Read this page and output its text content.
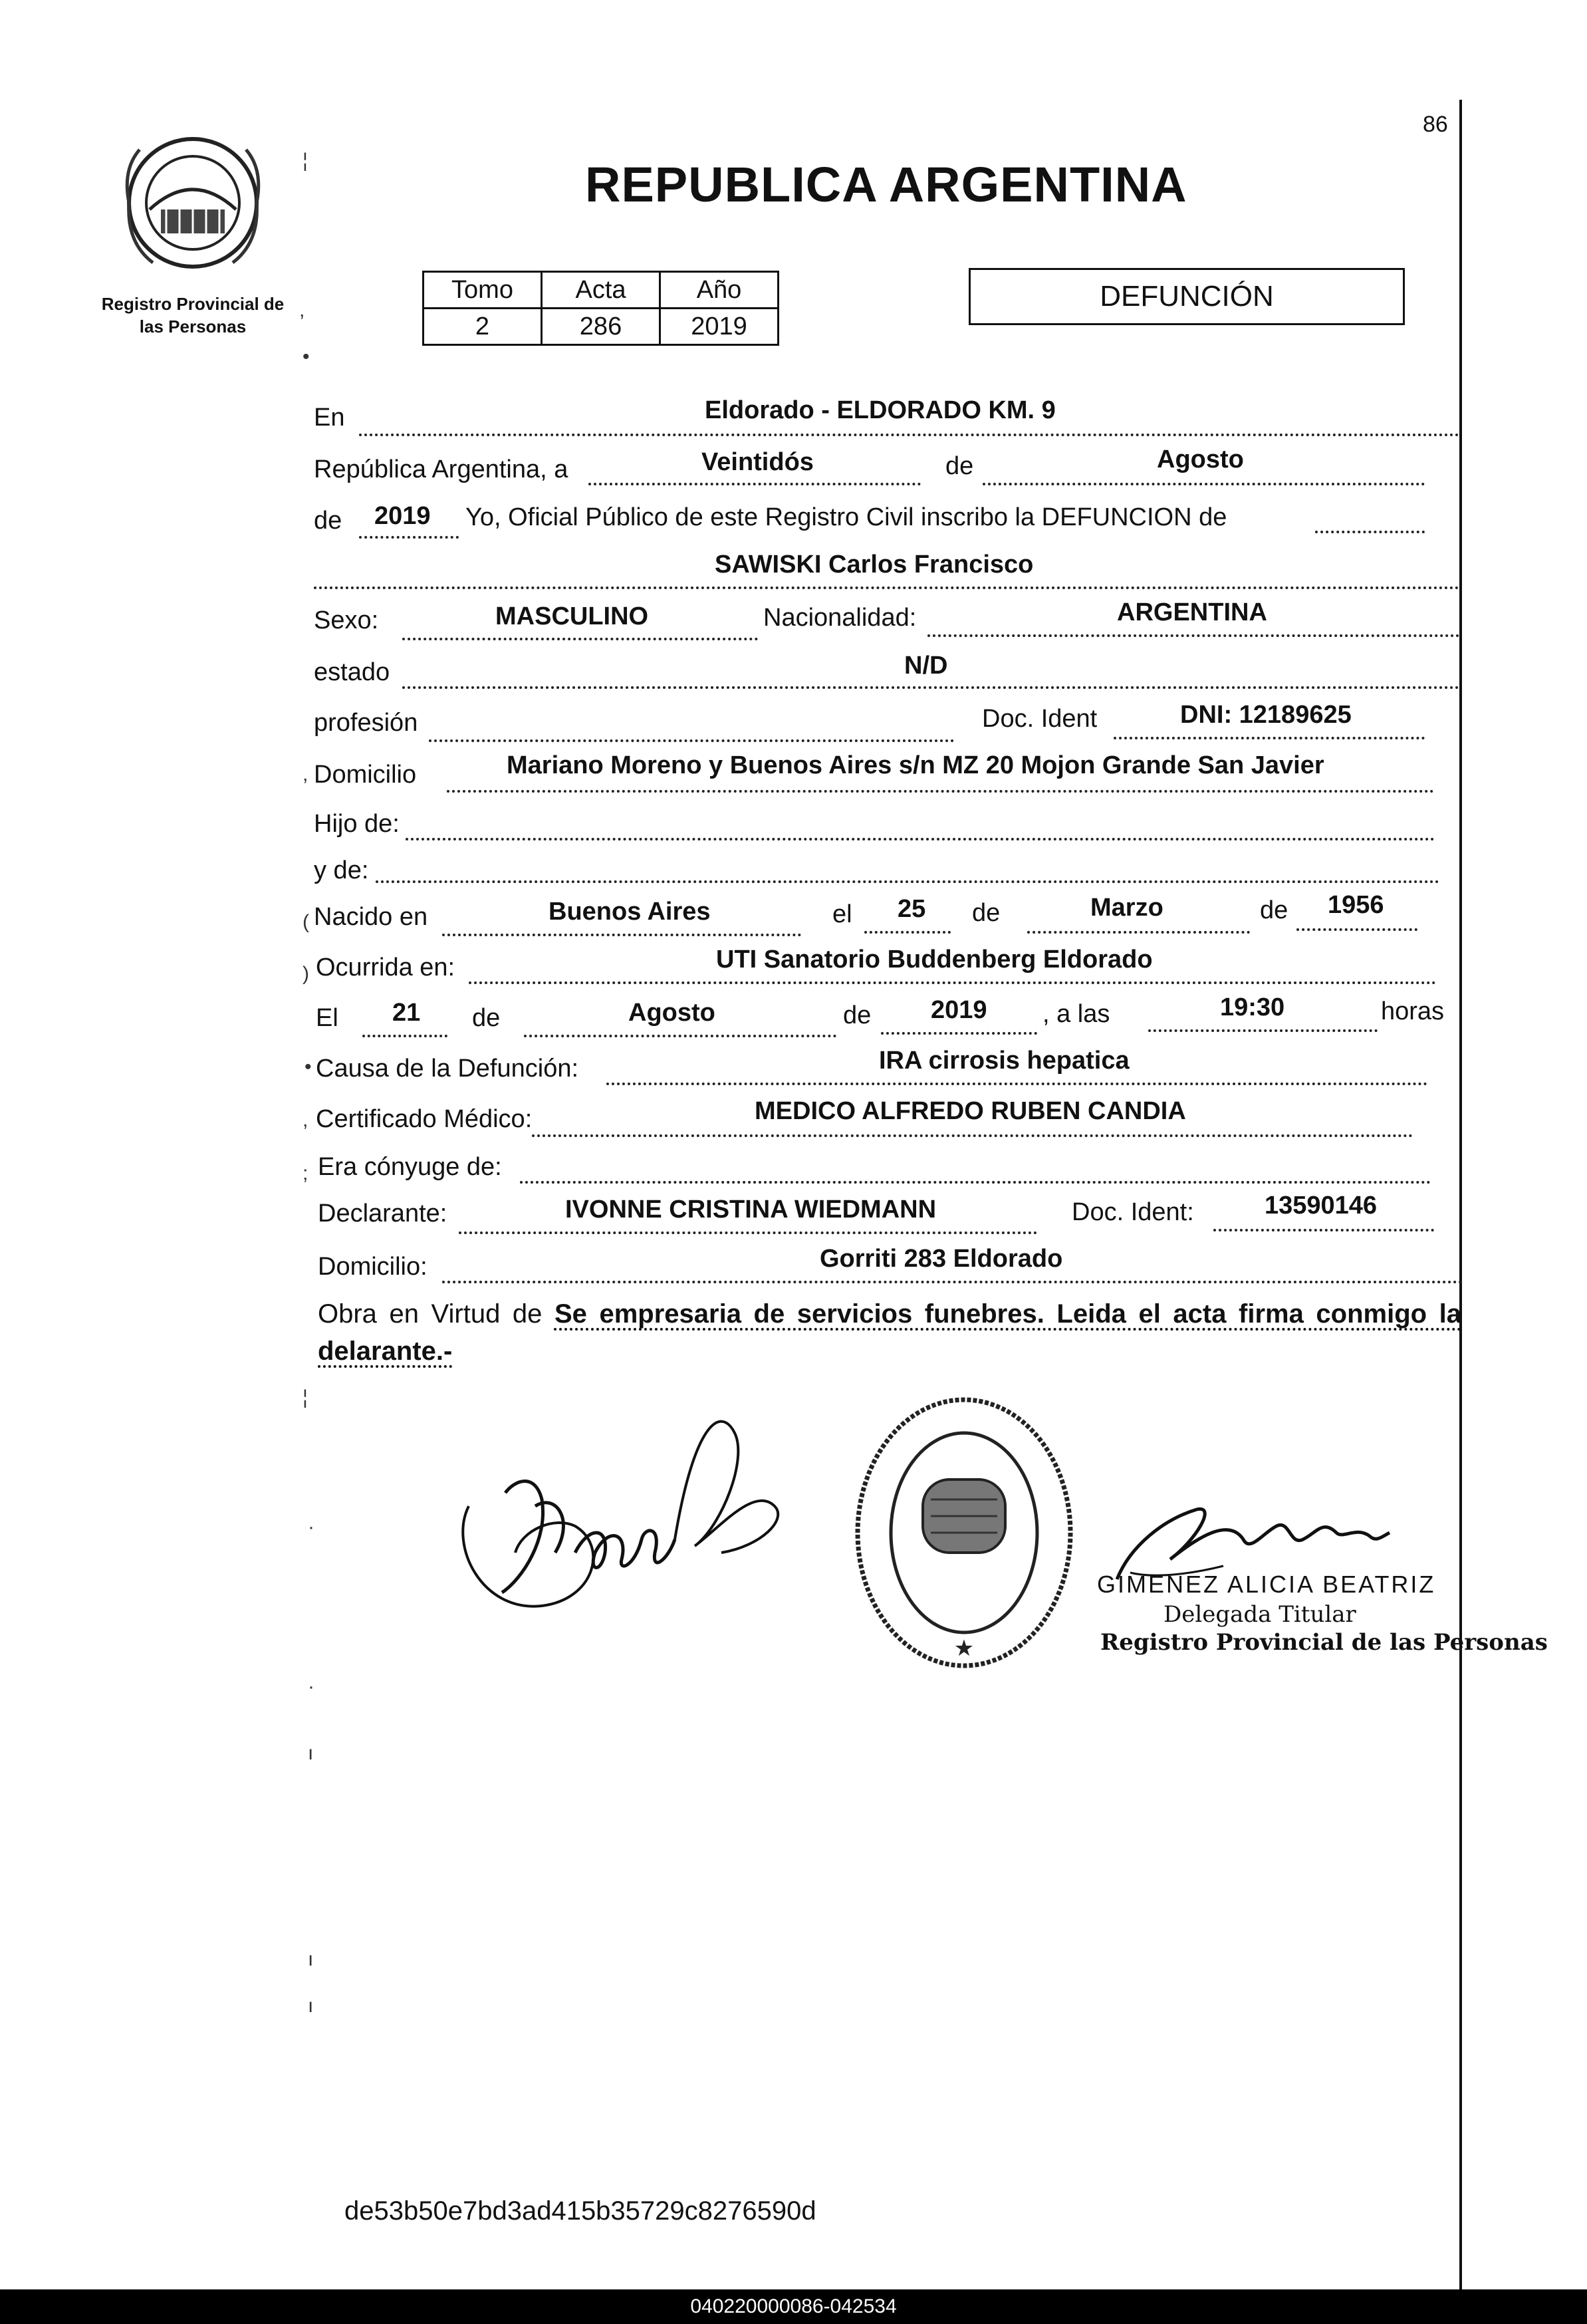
86
Registro Provincial de
las Personas
REPUBLICA ARGENTINA
Tomo	Acta	Año
2	286	2019
DEFUNCIÓN
En	Eldorado - ELDORADO KM. 9
República Argentina, a	Veintidós	de	Agosto
de 2019 Yo, Oficial Público de este Registro Civil inscribo la DEFUNCION de
SAWISKI Carlos Francisco
Sexo:	MASCULINO	Nacionalidad:	ARGENTINA
estado	N/D
profesión	Doc. Ident	DNI: 12189625
, Domicilio	Mariano Moreno y Buenos Aires s/n MZ 20 Mojon Grande San Javier
Hijo de:
y de:
( Nacido en	Buenos Aires	el 25 de	Marzo	de 1956
) Ocurrida en:	UTI Sanatorio Buddenberg Eldorado
El 21 de	Agosto	de 2019 , a las	19:30	horas
• Causa de la Defunción:	IRA cirrosis hepatica
, Certificado Médico:	MEDICO ALFREDO RUBEN CANDIA
; Era cónyuge de:
Declarante:	IVONNE CRISTINA WIEDMANN	Doc. Ident:	13590146
Domicilio:	Gorriti 283 Eldorado
Obra en Virtud de Se empresaria de servicios funebres. Leida el acta firma conmigo la delarante.-
¦
,
•
¦
·
·
ı
ı
ı
★
GIMENEZ ALICIA BEATRIZ
Delegada Titular
Registro Provincial de las Personas
de53b50e7bd3ad415b35729c8276590d
040220000086-042534
